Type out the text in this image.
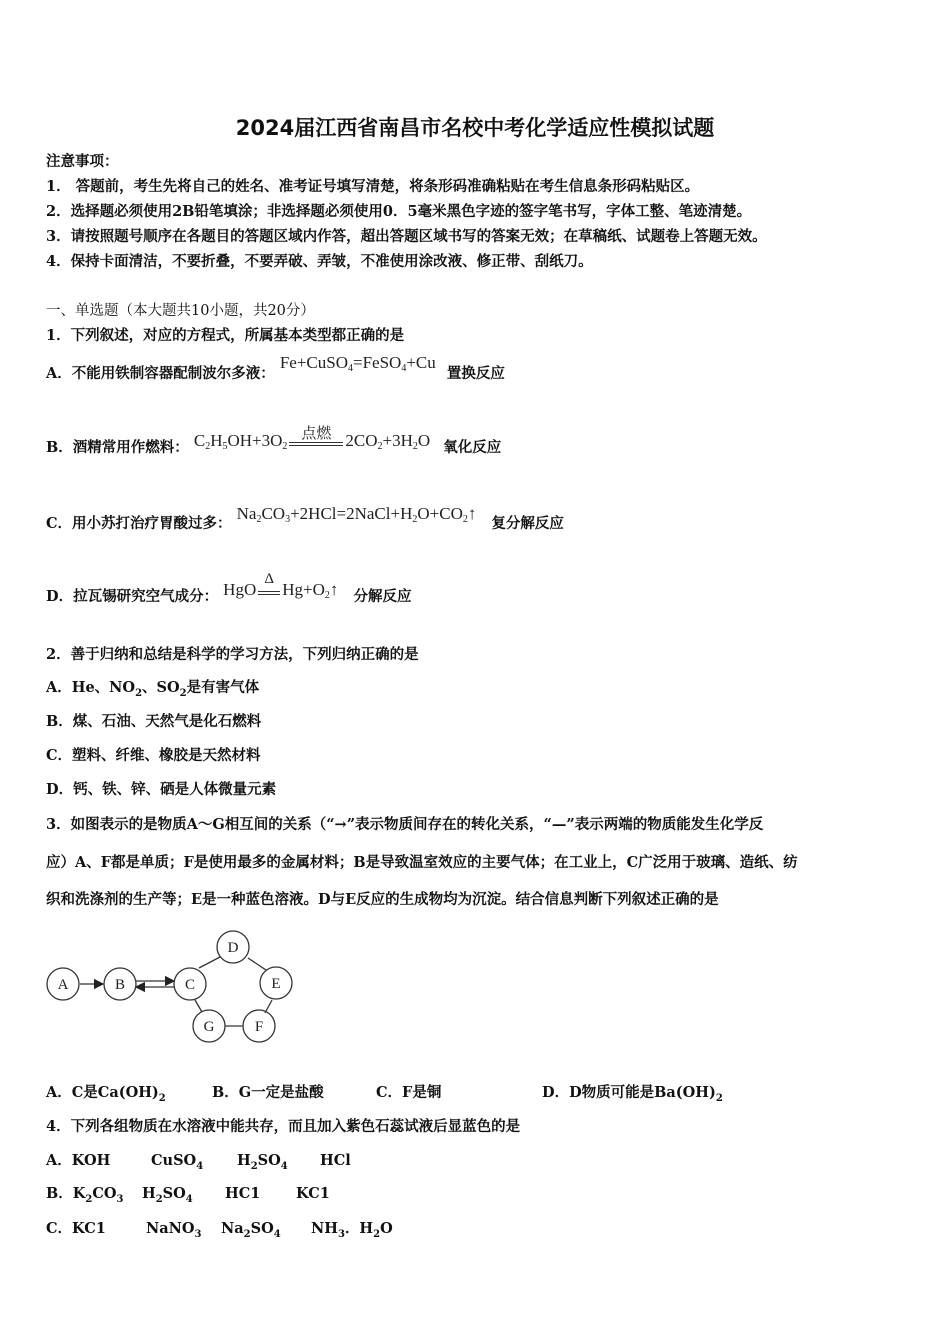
2024届江西省南昌市名校中考化学适应性模拟试题
注意事项：
1． 答题前，考生先将自己的姓名、准考证号填写清楚，将条形码准确粘贴在考生信息条形码粘贴区。
2．选择题必须使用2B铅笔填涂；非选择题必须使用0．5毫米黑色字迹的签字笔书写，字体工整、笔迹清楚。
3．请按照题号顺序在各题目的答题区域内作答，超出答题区域书写的答案无效；在草稿纸、试题卷上答题无效。
4．保持卡面清洁，不要折叠，不要弄破、弄皱，不准使用涂改液、修正带、刮纸刀。
一、单选题（本大题共10小题，共20分）
1．下列叙述，对应的方程式，所属基本类型都正确的是
A．不能用铁制容器配制波尔多液： Fe+CuSO$_4$=FeSO$_4$+Cu 置换反应
B．酒精常用作燃料： $C_2H_5OH+3O_2$
点燃 $2CO_2+3H_2O$ 氧化反应
C．用小苏打治疗胃酸过多： $Na_2CO_3+2HCl=2NaCl+H_2O+CO_2↑$ 复分解反应
D．拉瓦锡研究空气成分： HgO
Δ
$Hg+O_2↑$ 分解反应
2．善于归纳和总结是科学的学习方法，下列归纳正确的是
A．He、$NO_2$、$SO_2$是有害气体
B．煤、石油、天然气是化石燃料
C．塑料、纤维、橡胶是天然材料
D．钙、铁、锌、硒是人体微量元素
3．如图表示的是物质A～G相互间的关系（“→”表示物质间存在的转化关系，“—”表示两端的物质能发生化学反
应）A、F都是单质；F是使用最多的金属材料；B是导致温室效应的主要气体；在工业上，C广泛用于玻璃、造纸、纺
织和洗涤剂的生产等；E是一种蓝色溶液。D与E反应的生成物均为沉淀。结合信息判断下列叙述正确的是
A	B	C
D
E
F
G
A．C是$Ca(OH)_2$	B．G一定是盐酸	C．F是铜	D．D物质可能是$Ba(OH)_2$
4．下列各组物质在水溶液中能共存，而且加入紫色石蕊试液后显蓝色的是
A．KOH	CuSO$_4$ $H_2SO_4$ HCl
B．$K_2CO_3$ $H_2SO_4$ HC1 KC1
C．KC1	NaNO$_3$ $Na_2SO_4$ $NH_3$．$H_2O$
